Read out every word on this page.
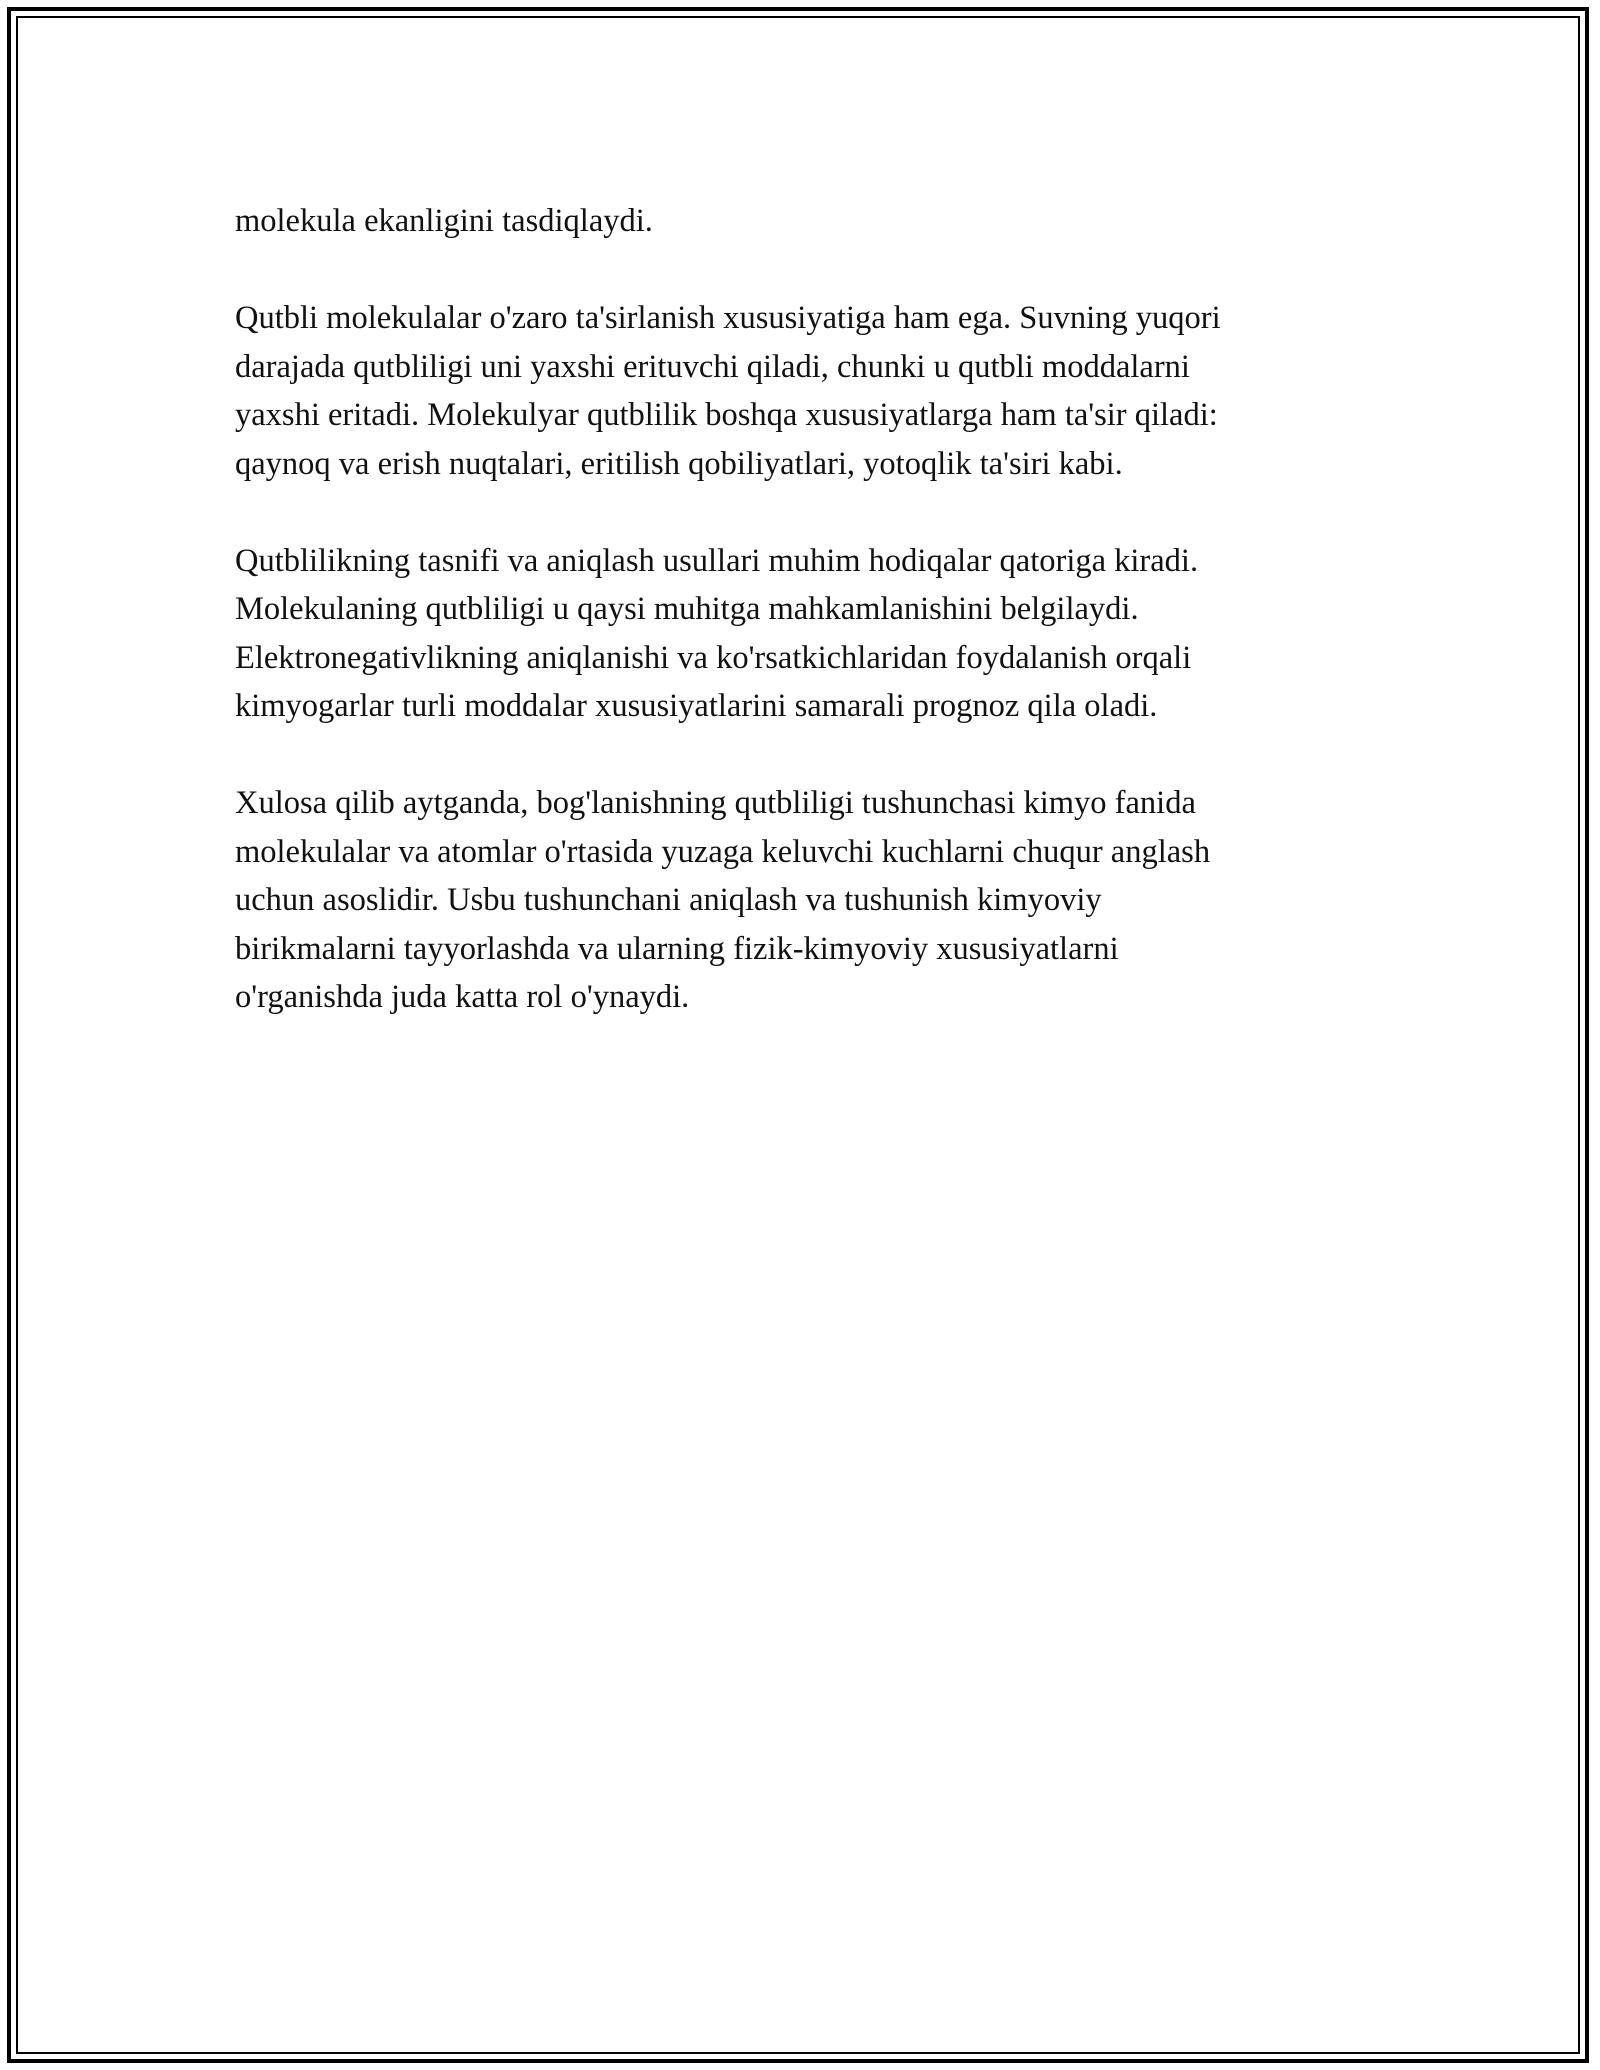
molekula ekanligini tasdiqlaydi.

Qutbli molekulalar o'zaro ta'sirlanish xususiyatiga ham ega. Suvning yuqori
darajada qutbliligi uni yaxshi erituvchi qiladi, chunki u qutbli moddalarni
yaxshi eritadi. Molekulyar qutblilik boshqa xususiyatlarga ham ta'sir qiladi:
qaynoq va erish nuqtalari, eritilish qobiliyatlari, yotoqlik ta'siri kabi.

Qutblilikning tasnifi va aniqlash usullari muhim hodiqalar qatoriga kiradi.
Molekulaning qutbliligi u qaysi muhitga mahkamlanishini belgilaydi.
Elektronegativlikning aniqlanishi va ko'rsatkichlaridan foydalanish orqali
kimyogarlar turli moddalar xususiyatlarini samarali prognoz qila oladi.

Xulosa qilib aytganda, bog'lanishning qutbliligi tushunchasi kimyo fanida
molekulalar va atomlar o'rtasida yuzaga keluvchi kuchlarni chuqur anglash
uchun asoslidir. Usbu tushunchani aniqlash va tushunish kimyoviy
birikmalarni tayyorlashda va ularning fizik-kimyoviy xususiyatlarni
o'rganishda juda katta rol o'ynaydi.
